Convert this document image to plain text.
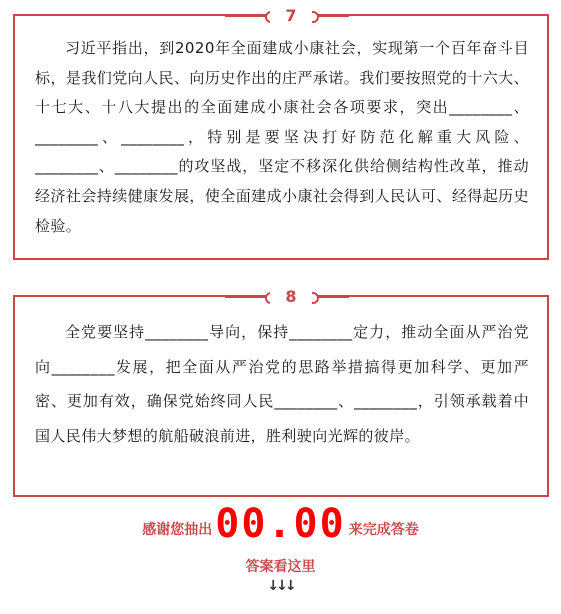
7
习近平指出，到2020年全面建成小康社会，实现第一个百年奋斗目标，是我们党向人民、向历史作出的庄严承诺。我们要按照党的十六大、十七大、十八大提出的全面建成小康社会各项要求，突出________、________、________，特别是要坚决打好防范化解重大风险、________、________的攻坚战，坚定不移深化供给侧结构性改革，推动经济社会持续健康发展，使全面建成小康社会得到人民认可、经得起历史检验。
8
全党要坚持________导向，保持________定力，推动全面从严治党向________发展，把全面从严治党的思路举措搞得更加科学、更加严密、更加有效，确保党始终同人民________、________，引领承载着中国人民伟大梦想的航船破浪前进，胜利驶向光辉的彼岸。
感谢您抽出 00.00 来完成答卷
答案看这里
↓↓↓
